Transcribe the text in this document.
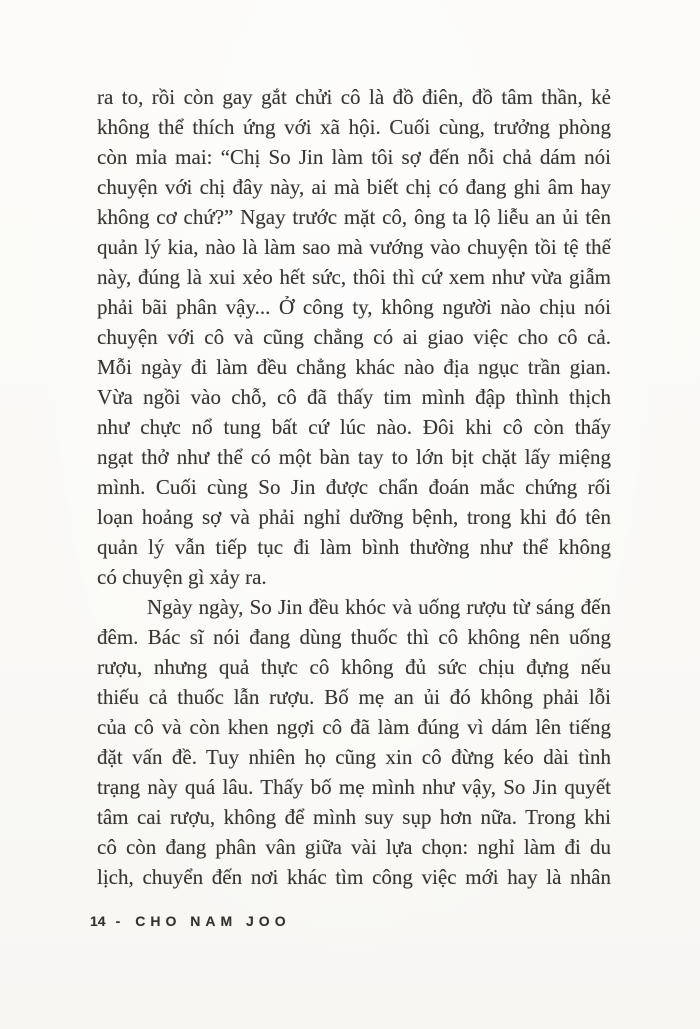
ra to, rồi còn gay gắt chửi cô là đồ điên, đồ tâm thần, kẻ

không thể thích ứng với xã hội. Cuối cùng, trưởng phòng

còn mỉa mai: “Chị So Jin làm tôi sợ đến nỗi chả dám nói

chuyện với chị đây này, ai mà biết chị có đang ghi âm hay

không cơ chứ?” Ngay trước mặt cô, ông ta lộ liễu an ủi tên

quản lý kia, nào là làm sao mà vướng vào chuyện tồi tệ thế

này, đúng là xui xẻo hết sức, thôi thì cứ xem như vừa giẫm

phải bãi phân vậy... Ở công ty, không người nào chịu nói

chuyện với cô và cũng chẳng có ai giao việc cho cô cả.

Mỗi ngày đi làm đều chẳng khác nào địa ngục trần gian.

Vừa ngồi vào chỗ, cô đã thấy tim mình đập thình thịch

như chực nổ tung bất cứ lúc nào. Đôi khi cô còn thấy

ngạt thở như thể có một bàn tay to lớn bịt chặt lấy miệng

mình. Cuối cùng So Jin được chẩn đoán mắc chứng rối

loạn hoảng sợ và phải nghỉ dưỡng bệnh, trong khi đó tên

quản lý vẫn tiếp tục đi làm bình thường như thể không

có chuyện gì xảy ra.

Ngày ngày, So Jin đều khóc và uống rượu từ sáng đến

đêm. Bác sĩ nói đang dùng thuốc thì cô không nên uống

rượu, nhưng quả thực cô không đủ sức chịu đựng nếu

thiếu cả thuốc lẫn rượu. Bố mẹ an ủi đó không phải lỗi

của cô và còn khen ngợi cô đã làm đúng vì dám lên tiếng

đặt vấn đề. Tuy nhiên họ cũng xin cô đừng kéo dài tình

trạng này quá lâu. Thấy bố mẹ mình như vậy, So Jin quyết

tâm cai rượu, không để mình suy sụp hơn nữa. Trong khi

cô còn đang phân vân giữa vài lựa chọn: nghỉ làm đi du

lịch, chuyển đến nơi khác tìm công việc mới hay là nhân

14 - CHO NAM JOO
